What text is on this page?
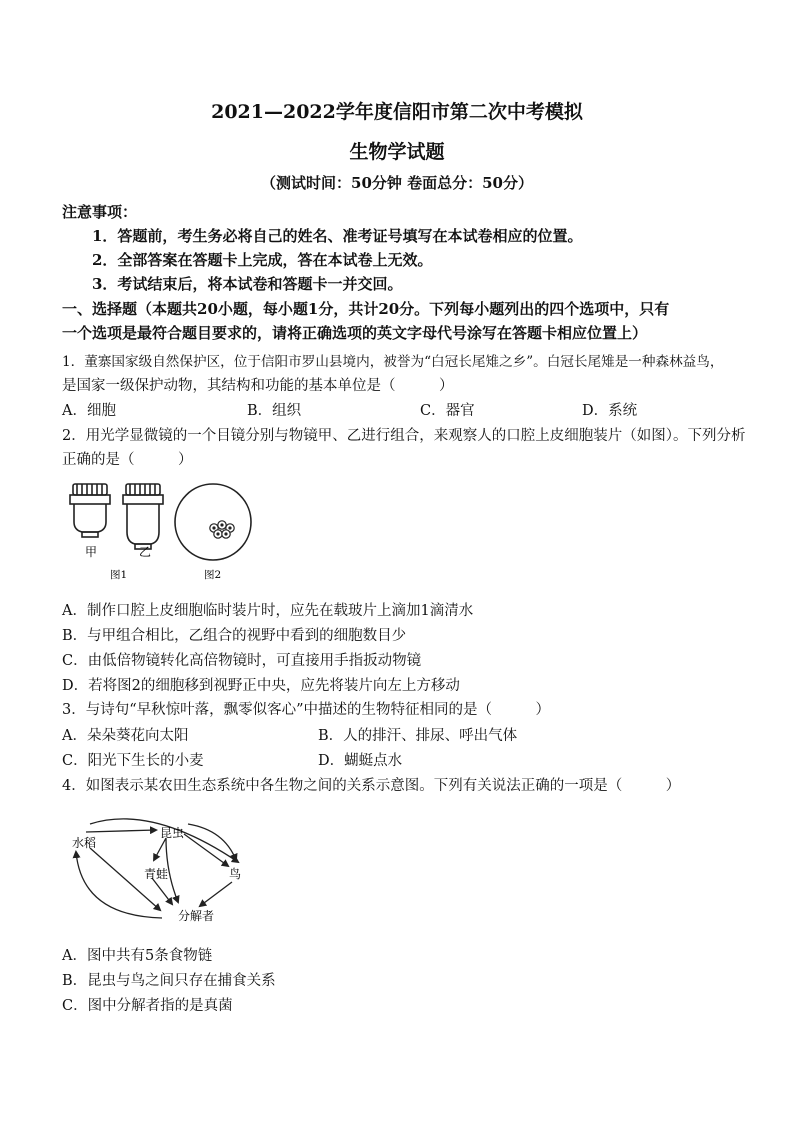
2021—2022学年度信阳市第二次中考模拟
生物学试题
（测试时间：50分钟 卷面总分：50分）
注意事项：
1．答题前，考生务必将自己的姓名、准考证号填写在本试卷相应的位置。
2．全部答案在答题卡上完成，答在本试卷上无效。
3．考试结束后，将本试卷和答题卡一并交回。
一、选择题（本题共20小题，每小题1分，共计20分。下列每小题列出的四个选项中，只有
一个选项是最符合题目要求的，请将正确选项的英文字母代号涂写在答题卡相应位置上）
1．董寨国家级自然保护区，位于信阳市罗山县境内，被誉为“白冠长尾雉之乡”。白冠长尾雉是一种森林益鸟，
是国家一级保护动物，其结构和功能的基本单位是（　　　）
A．细胞	B．组织	C．器官	D．系统
2．用光学显微镜的一个目镜分别与物镜甲、乙进行组合，来观察人的口腔上皮细胞装片（如图）。下列分析
正确的是（　　　）
甲	乙
图1	图2
A．制作口腔上皮细胞临时装片时，应先在载玻片上滴加1滴清水
B．与甲组合相比，乙组合的视野中看到的细胞数目少
C．由低倍物镜转化高倍物镜时，可直接用手指扳动物镜
D．若将图2的细胞移到视野正中央，应先将装片向左上方移动
3．与诗句“早秋惊叶落，飘零似客心”中描述的生物特征相同的是（　　　）
A．朵朵葵花向太阳	B．人的排汗、排尿、呼出气体
C．阳光下生长的小麦	D．蝴蜓点水
4．如图表示某农田生态系统中各生物之间的关系示意图。下列有关说法正确的一项是（　　　）
水稻
昆虫
青蛙	鸟
分解者
A．图中共有5条食物链
B．昆虫与鸟之间只存在捕食关系
C．图中分解者指的是真菌
